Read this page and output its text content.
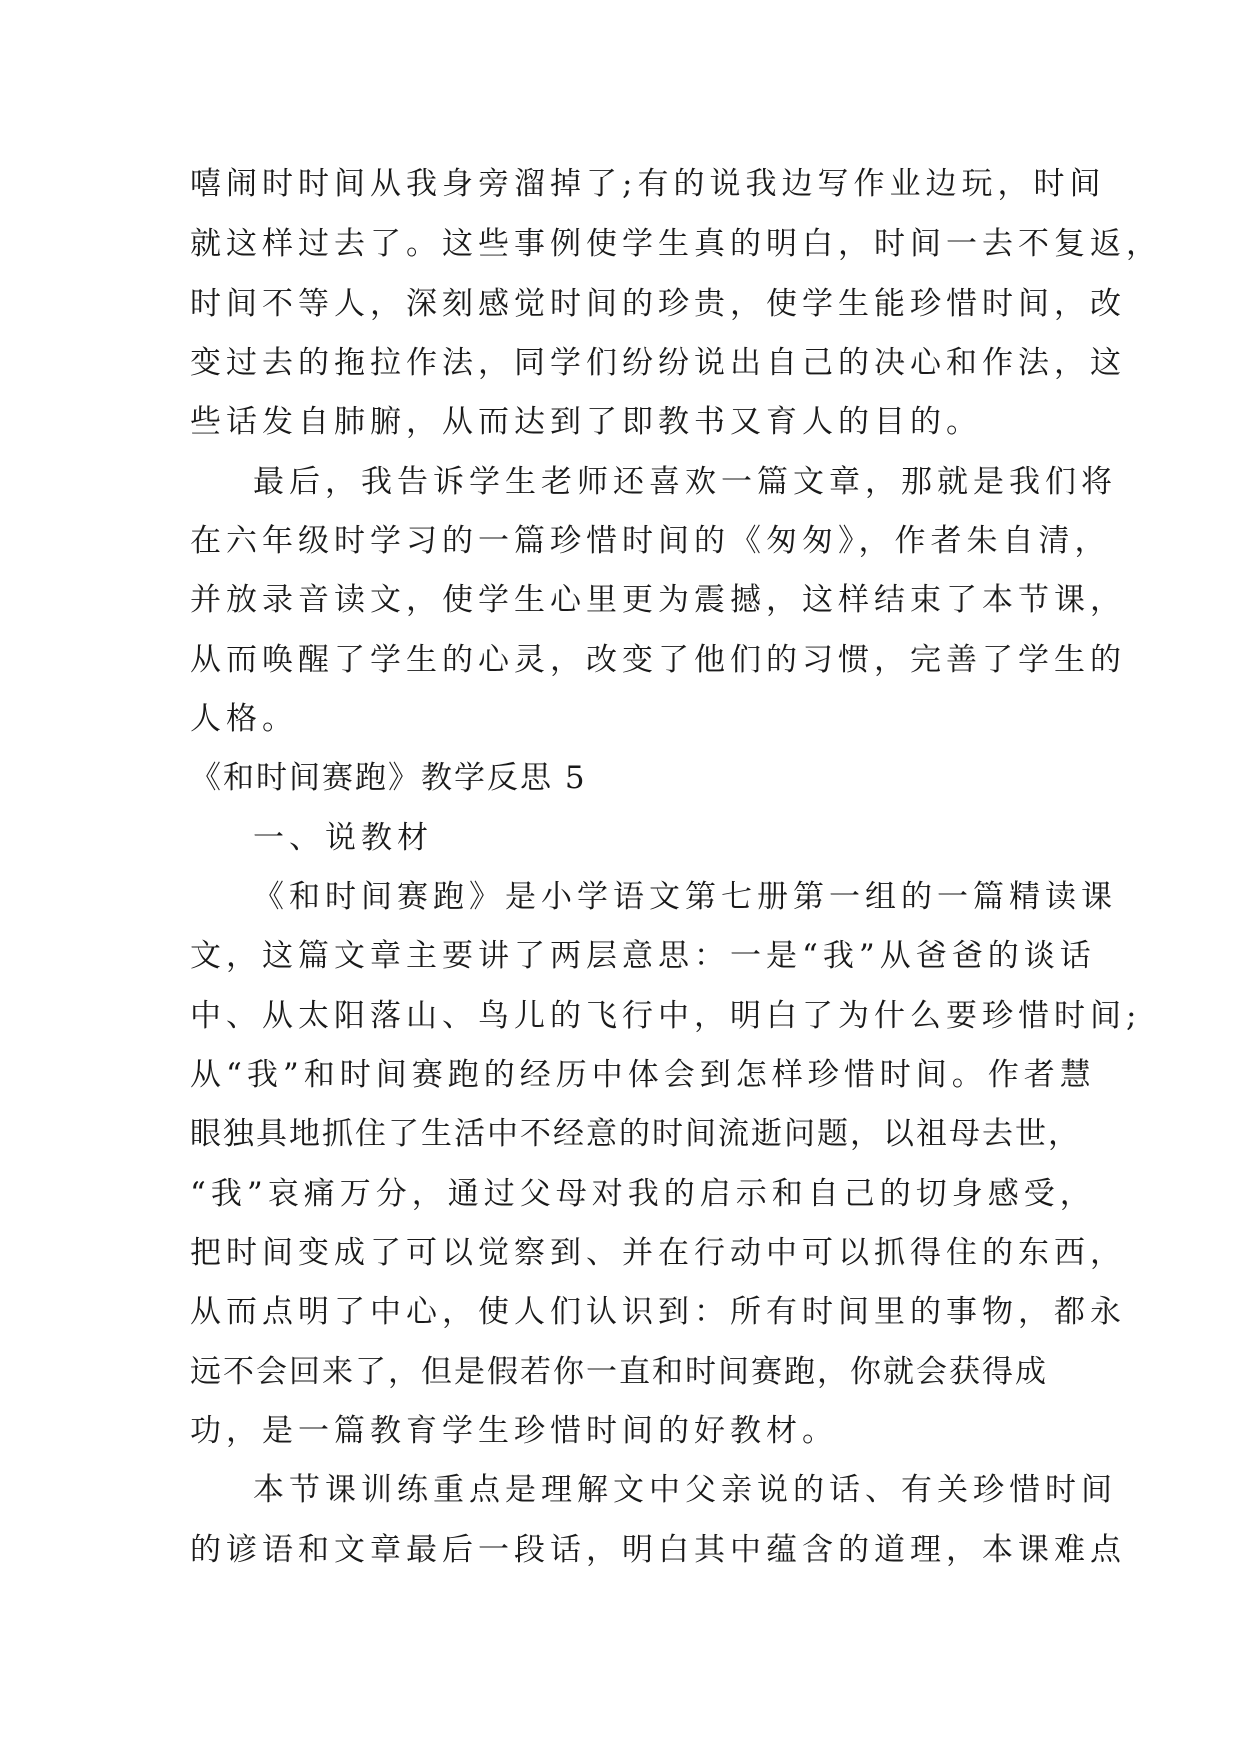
嘻闹时时间从我身旁溜掉了;有的说我边写作业边玩，时间
就这样过去了。这些事例使学生真的明白，时间一去不复返，
时间不等人，深刻感觉时间的珍贵，使学生能珍惜时间，改
变过去的拖拉作法，同学们纷纷说出自己的决心和作法，这
些话发自肺腑，从而达到了即教书又育人的目的。
最后，我告诉学生老师还喜欢一篇文章，那就是我们将
在六年级时学习的一篇珍惜时间的《匆匆》，作者朱自清，
并放录音读文，使学生心里更为震撼，这样结束了本节课，
从而唤醒了学生的心灵，改变了他们的习惯，完善了学生的
人格。
《和时间赛跑》教学反思 5
一、说教材
《和时间赛跑》是小学语文第七册第一组的一篇精读课
文，这篇文章主要讲了两层意思：一是“我”从爸爸的谈话
中、从太阳落山、鸟儿的飞行中，明白了为什么要珍惜时间;
从“我”和时间赛跑的经历中体会到怎样珍惜时间。作者慧
眼独具地抓住了生活中不经意的时间流逝问题，以祖母去世，
“我”哀痛万分，通过父母对我的启示和自己的切身感受，
把时间变成了可以觉察到、并在行动中可以抓得住的东西，
从而点明了中心，使人们认识到：所有时间里的事物，都永
远不会回来了，但是假若你一直和时间赛跑，你就会获得成
功，是一篇教育学生珍惜时间的好教材。
本节课训练重点是理解文中父亲说的话、有关珍惜时间
的谚语和文章最后一段话，明白其中蕴含的道理，本课难点
